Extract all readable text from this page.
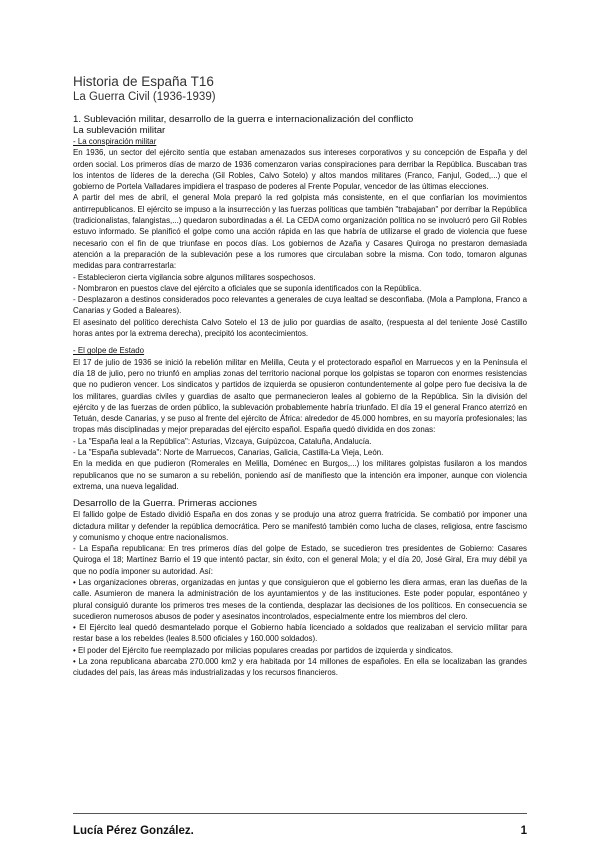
Historia de España T16
La Guerra Civil (1936-1939)
1. Sublevación militar, desarrollo de la guerra e internacionalización del conflicto
La sublevación militar
- La conspiración militar

En 1936, un sector del ejército sentía que estaban amenazados sus intereses corporativos y su concepción de España y del orden social. Los primeros días de marzo de 1936 comenzaron varias conspiraciones para derribar la República. Buscaban tras los intentos de líderes de la derecha (Gil Robles, Calvo Sotelo) y altos mandos militares (Franco, Fanjul, Goded,...) que el gobierno de Portela Valladares impidiera el traspaso de poderes al Frente Popular, vencedor de las últimas elecciones.

A partir del mes de abril, el general Mola preparó la red golpista más consistente, en el que confiarían los movimientos antirrepublicanos. El ejército se impuso a la insurrección y las fuerzas políticas que también "trabajaban" por derribar la República (tradicionalistas, falangistas,...) quedaron subordinadas a él. La CEDA como organización política no se involucró pero Gil Robles estuvo informado. Se planificó el golpe como una acción rápida en las que habría de utilizarse el grado de violencia que fuese necesario con el fin de que triunfase en pocos días. Los gobiernos de Azaña y Casares Quiroga no prestaron demasiada atención a la preparación de la sublevación pese a los rumores que circulaban sobre la misma. Con todo, tomaron algunas medidas para contrarrestarla:

- Establecieron cierta vigilancia sobre algunos militares sospechosos.

- Nombraron en puestos clave del ejército a oficiales que se suponía identificados con la República.

- Desplazaron a destinos considerados poco relevantes a generales de cuya lealtad se desconfiaba. (Mola a Pamplona, Franco a Canarias y Goded a Baleares).

El asesinato del político derechista Calvo Sotelo el 13 de julio por guardias de asalto, (respuesta al del teniente José Castillo horas antes por la extrema derecha), precipitó los acontecimientos.

- El golpe de Estado

El 17 de julio de 1936 se inició la rebelión militar en Melilla, Ceuta y el protectorado español en Marruecos y en la Península el día 18 de julio, pero no triunfó en amplias zonas del territorio nacional porque los golpistas se toparon con enormes resistencias que no pudieron vencer. Los sindicatos y partidos de izquierda se opusieron contundentemente al golpe pero fue decisiva la de los militares, guardias civiles y guardias de asalto que permanecieron leales al gobierno de la República. Sin la división del ejército y de las fuerzas de orden público, la sublevación probablemente habría triunfado. El día 19 el general Franco aterrizó en Tetuán, desde Canarias, y se puso al frente del ejército de África: alrededor de 45.000 hombres, en su mayoría profesionales; las tropas más disciplinadas y mejor preparadas del ejército español. España quedó dividida en dos zonas:

- La "España leal a la República": Asturias, Vizcaya, Guipúzcoa, Cataluña, Andalucía.

- La "España sublevada": Norte de Marruecos, Canarias, Galicia, Castilla-La Vieja, León.

En la medida en que pudieron (Romerales en Melilla, Doménec en Burgos,...) los militares golpistas fusilaron a los mandos republicanos que no se sumaron a su rebelión, poniendo así de manifiesto que la intención era imponer, aunque con violencia extrema, una nueva legalidad.

Desarrollo de la Guerra. Primeras acciones

El fallido golpe de Estado dividió España en dos zonas y se produjo una atroz guerra fratricida. Se combatió por imponer una dictadura militar y defender la república democrática. Pero se manifestó también como lucha de clases, religiosa, entre fascismo y comunismo y choque entre nacionalismos.

- La España republicana: En tres primeros días del golpe de Estado, se sucedieron tres presidentes de Gobierno: Casares Quiroga el 18; Martínez Barrio el 19 que intentó pactar, sin éxito, con el general Mola; y el día 20, José Giral, Era muy débil ya que no podía imponer su autoridad. Así:

• Las organizaciones obreras, organizadas en juntas y que consiguieron que el gobierno les diera armas, eran las dueñas de la calle. Asumieron de manera la administración de los ayuntamientos y de las instituciones. Este poder popular, espontáneo y plural consiguió durante los primeros tres meses de la contienda, desplazar las decisiones de los políticos. En consecuencia se sucedieron numerosos abusos de poder y asesinatos incontrolados, especialmente entre los miembros del clero.

• El Ejército leal quedó desmantelado porque el Gobierno había licenciado a soldados que realizaban el servicio militar para restar base a los rebeldes (leales 8.500 oficiales y 160.000 soldados).

• El poder del Ejército fue reemplazado por milicias populares creadas por partidos de izquierda y sindicatos.

• La zona republicana abarcaba 270.000 km2 y era habitada por 14 millones de españoles. En ella se localizaban las grandes ciudades del país, las áreas más industrializadas y los recursos financieros.

Lucía Pérez González.	1
